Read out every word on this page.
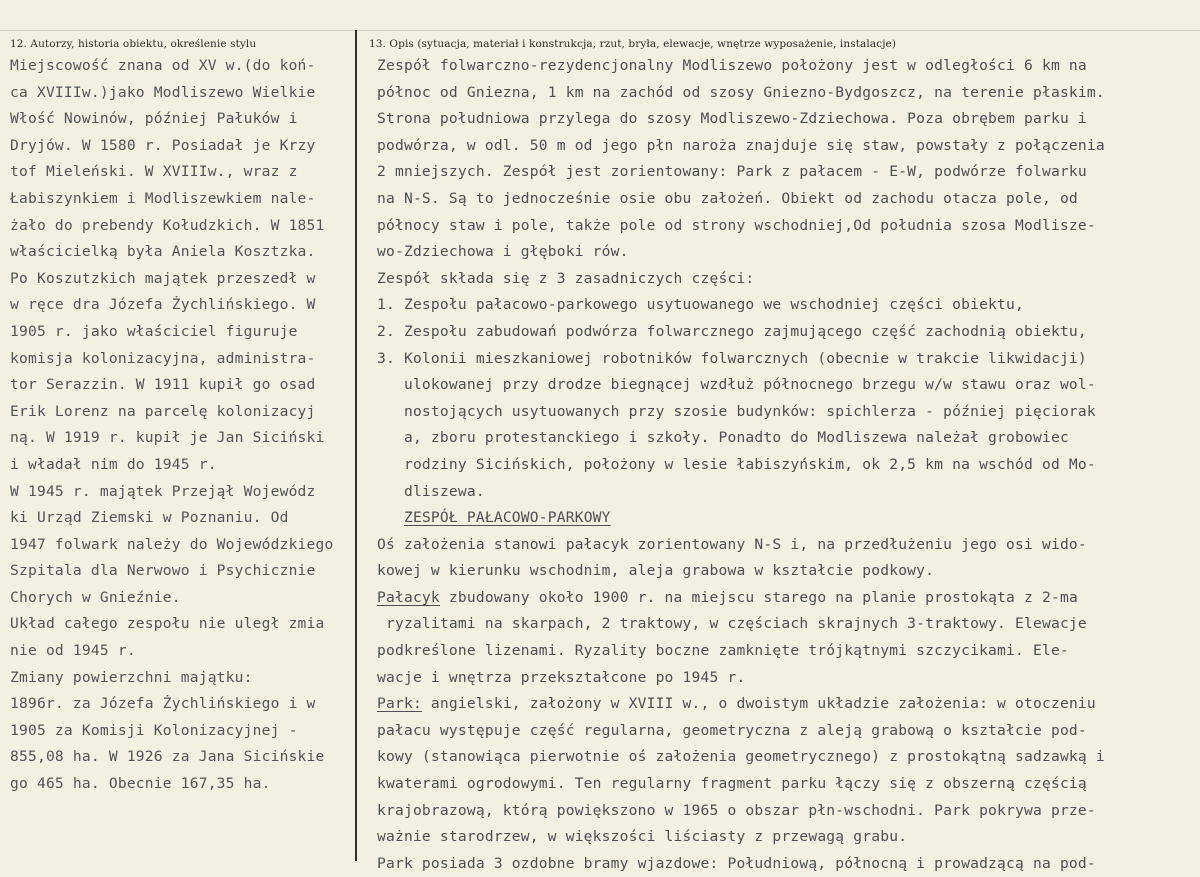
12. Autorzy, historia obiektu, określenie stylu	13. Opis (sytuacja, materiał i konstrukcja, rzut, bryła, elewacje, wnętrze wyposażenie, instalacje)
Miejscowość znana od XV w.(do koń-
ca XVIIIw.)jako Modliszewo Wielkie
Włość Nowinów, później Pałuków i
Dryjów. W 1580 r. Posiadał je Krzy
tof Mieleński. W XVIIIw., wraz z
Łabiszynkiem i Modliszewkiem nale-
żało do prebendy Kołudzkich. W 1851
właścicielką była Aniela Kosztzka.
Po Koszutzkich majątek przeszedł w
w ręce dra Józefa Żychlińskiego. W
1905 r. jako właściciel figuruje
komisja kolonizacyjna, administra-
tor Serazzin. W 1911 kupił go osad
Erik Lorenz na parcelę kolonizacyj
ną. W 1919 r. kupił je Jan Siciński
i władał nim do 1945 r.
W 1945 r. majątek Przejął Wojewódz
ki Urząd Ziemski w Poznaniu. Od
1947 folwark należy do Wojewódzkiego
Szpitala dla Nerwowo i Psychicznie
Chorych w Gnieźnie.
Układ całego zespołu nie uległ zmia
nie od 1945 r.
Zmiany powierzchni majątku:
1896r. za Józefa Żychlińskiego i w
1905 za Komisji Kolonizacyjnej -
855,08 ha. W 1926 za Jana Sicińskie
go 465 ha. Obecnie 167,35 ha.
Zespół folwarczno-rezydencjonalny Modliszewo położony jest w odległości 6 km na
północ od Gniezna, 1 km na zachód od szosy Gniezno-Bydgoszcz, na terenie płaskim.
Strona południowa przylega do szosy Modliszewo-Zdziechowa. Poza obrębem parku i
podwórza, w odl. 50 m od jego płn naroża znajduje się staw, powstały z połączenia
2 mniejszych. Zespół jest zorientowany: Park z pałacem - E-W, podwórze folwarku
na N-S. Są to jednocześnie osie obu założeń. Obiekt od zachodu otacza pole, od
północy staw i pole, także pole od strony wschodniej,Od południa szosa Modlisze-
wo-Zdziechowa i głęboki rów.
Zespół składa się z 3 zasadniczych części:
1. Zespołu pałacowo-parkowego usytuowanego we wschodniej części obiektu,
2. Zespołu zabudowań podwórza folwarcznego zajmującego część zachodnią obiektu,
3. Kolonii mieszkaniowej robotników folwarcznych (obecnie w trakcie likwidacji)
ulokowanej przy drodze biegnącej wzdłuż północnego brzegu w/w stawu oraz wol-
nostojących usytuowanych przy szosie budynków: spichlerza - później pięciorak
a, zboru protestanckiego i szkoły. Ponadto do Modliszewa należał grobowiec
rodziny Sicińskich, położony w lesie łabiszyńskim, ok 2,5 km na wschód od Mo-
dliszewa.
ZESPÓŁ PAŁACOWO-PARKOWY
Oś założenia stanowi pałacyk zorientowany N-S i, na przedłużeniu jego osi wido-
kowej w kierunku wschodnim, aleja grabowa w kształcie podkowy.
Pałacyk zbudowany około 1900 r. na miejscu starego na planie prostokąta z 2-ma
ryzalitami na skarpach, 2 traktowy, w częściach skrajnych 3-traktowy. Elewacje
podkreślone lizenami. Ryzality boczne zamknięte trójkątnymi szczycikami. Ele-
wacje i wnętrza przekształcone po 1945 r.
Park: angielski, założony w XVIII w., o dwoistym układzie założenia: w otoczeniu
pałacu występuje część regularna, geometryczna z aleją grabową o kształcie pod-
kowy (stanowiąca pierwotnie oś założenia geometrycznego) z prostokątną sadzawką i
kwaterami ogrodowymi. Ten regularny fragment parku łączy się z obszerną częścią
krajobrazową, którą powiększono w 1965 o obszar płn-wschodni. Park pokrywa prze-
ważnie starodrzew, w większości liściasty z przewagą grabu.
Park posiada 3 ozdobne bramy wjazdowe: Południową, północną i prowadzącą na pod-
